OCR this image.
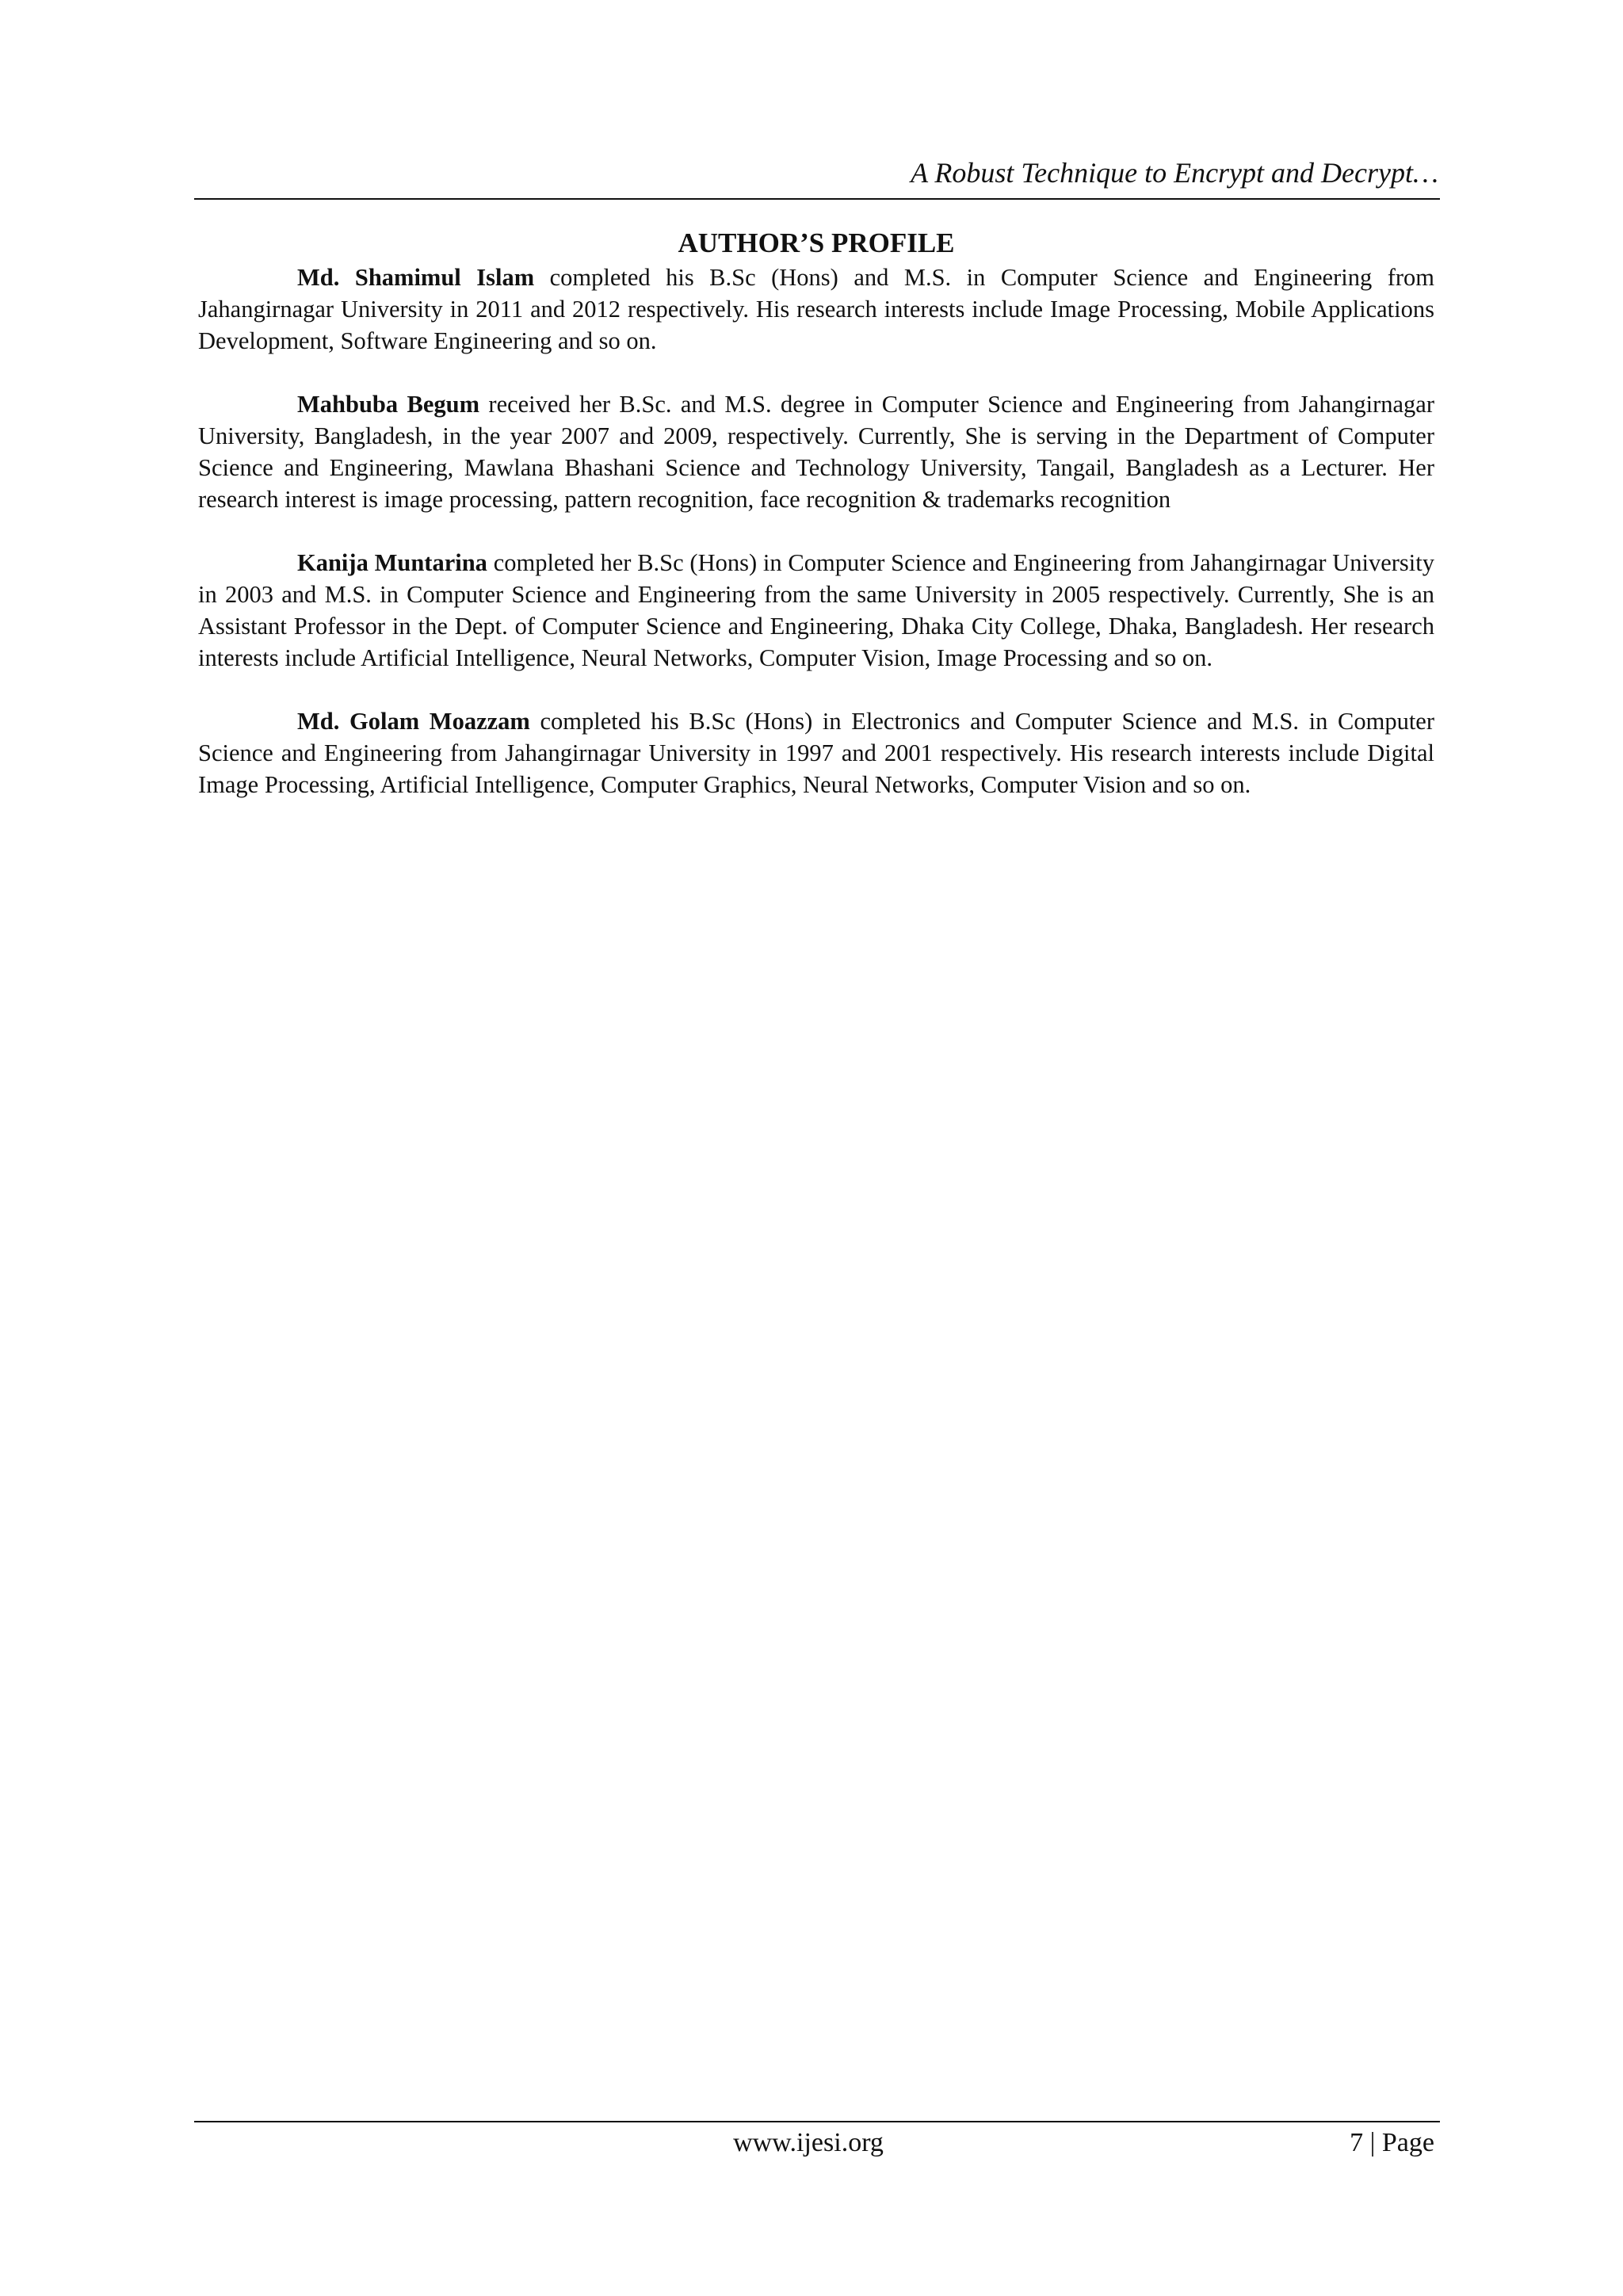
A Robust Technique to Encrypt and Decrypt…
AUTHOR’S PROFILE

Md. Shamimul Islam completed his B.Sc (Hons) and M.S. in Computer Science and Engineering from Jahangirnagar University in 2011 and 2012 respectively. His research interests include Image Processing, Mobile Applications Development, Software Engineering and so on.

Mahbuba Begum received her B.Sc. and M.S. degree in Computer Science and Engineering from Jahangirnagar University, Bangladesh, in the year 2007 and 2009, respectively. Currently, She is serving in the Department of Computer Science and Engineering, Mawlana Bhashani Science and Technology University, Tangail, Bangladesh as a Lecturer. Her research interest is image processing, pattern recognition, face recognition & trademarks recognition

Kanija Muntarina completed her B.Sc (Hons) in Computer Science and Engineering from Jahangirnagar University in 2003 and M.S. in Computer Science and Engineering from the same University in 2005 respectively. Currently, She is an Assistant Professor in the Dept. of Computer Science and Engineering, Dhaka City College, Dhaka, Bangladesh. Her research interests include Artificial Intelligence, Neural Networks, Computer Vision, Image Processing and so on.

Md. Golam Moazzam completed his B.Sc (Hons) in Electronics and Computer Science and M.S. in Computer Science and Engineering from Jahangirnagar University in 1997 and 2001 respectively. His research interests include Digital Image Processing, Artificial Intelligence, Computer Graphics, Neural Networks, Computer Vision and so on.

www.ijesi.org	7 | Page
